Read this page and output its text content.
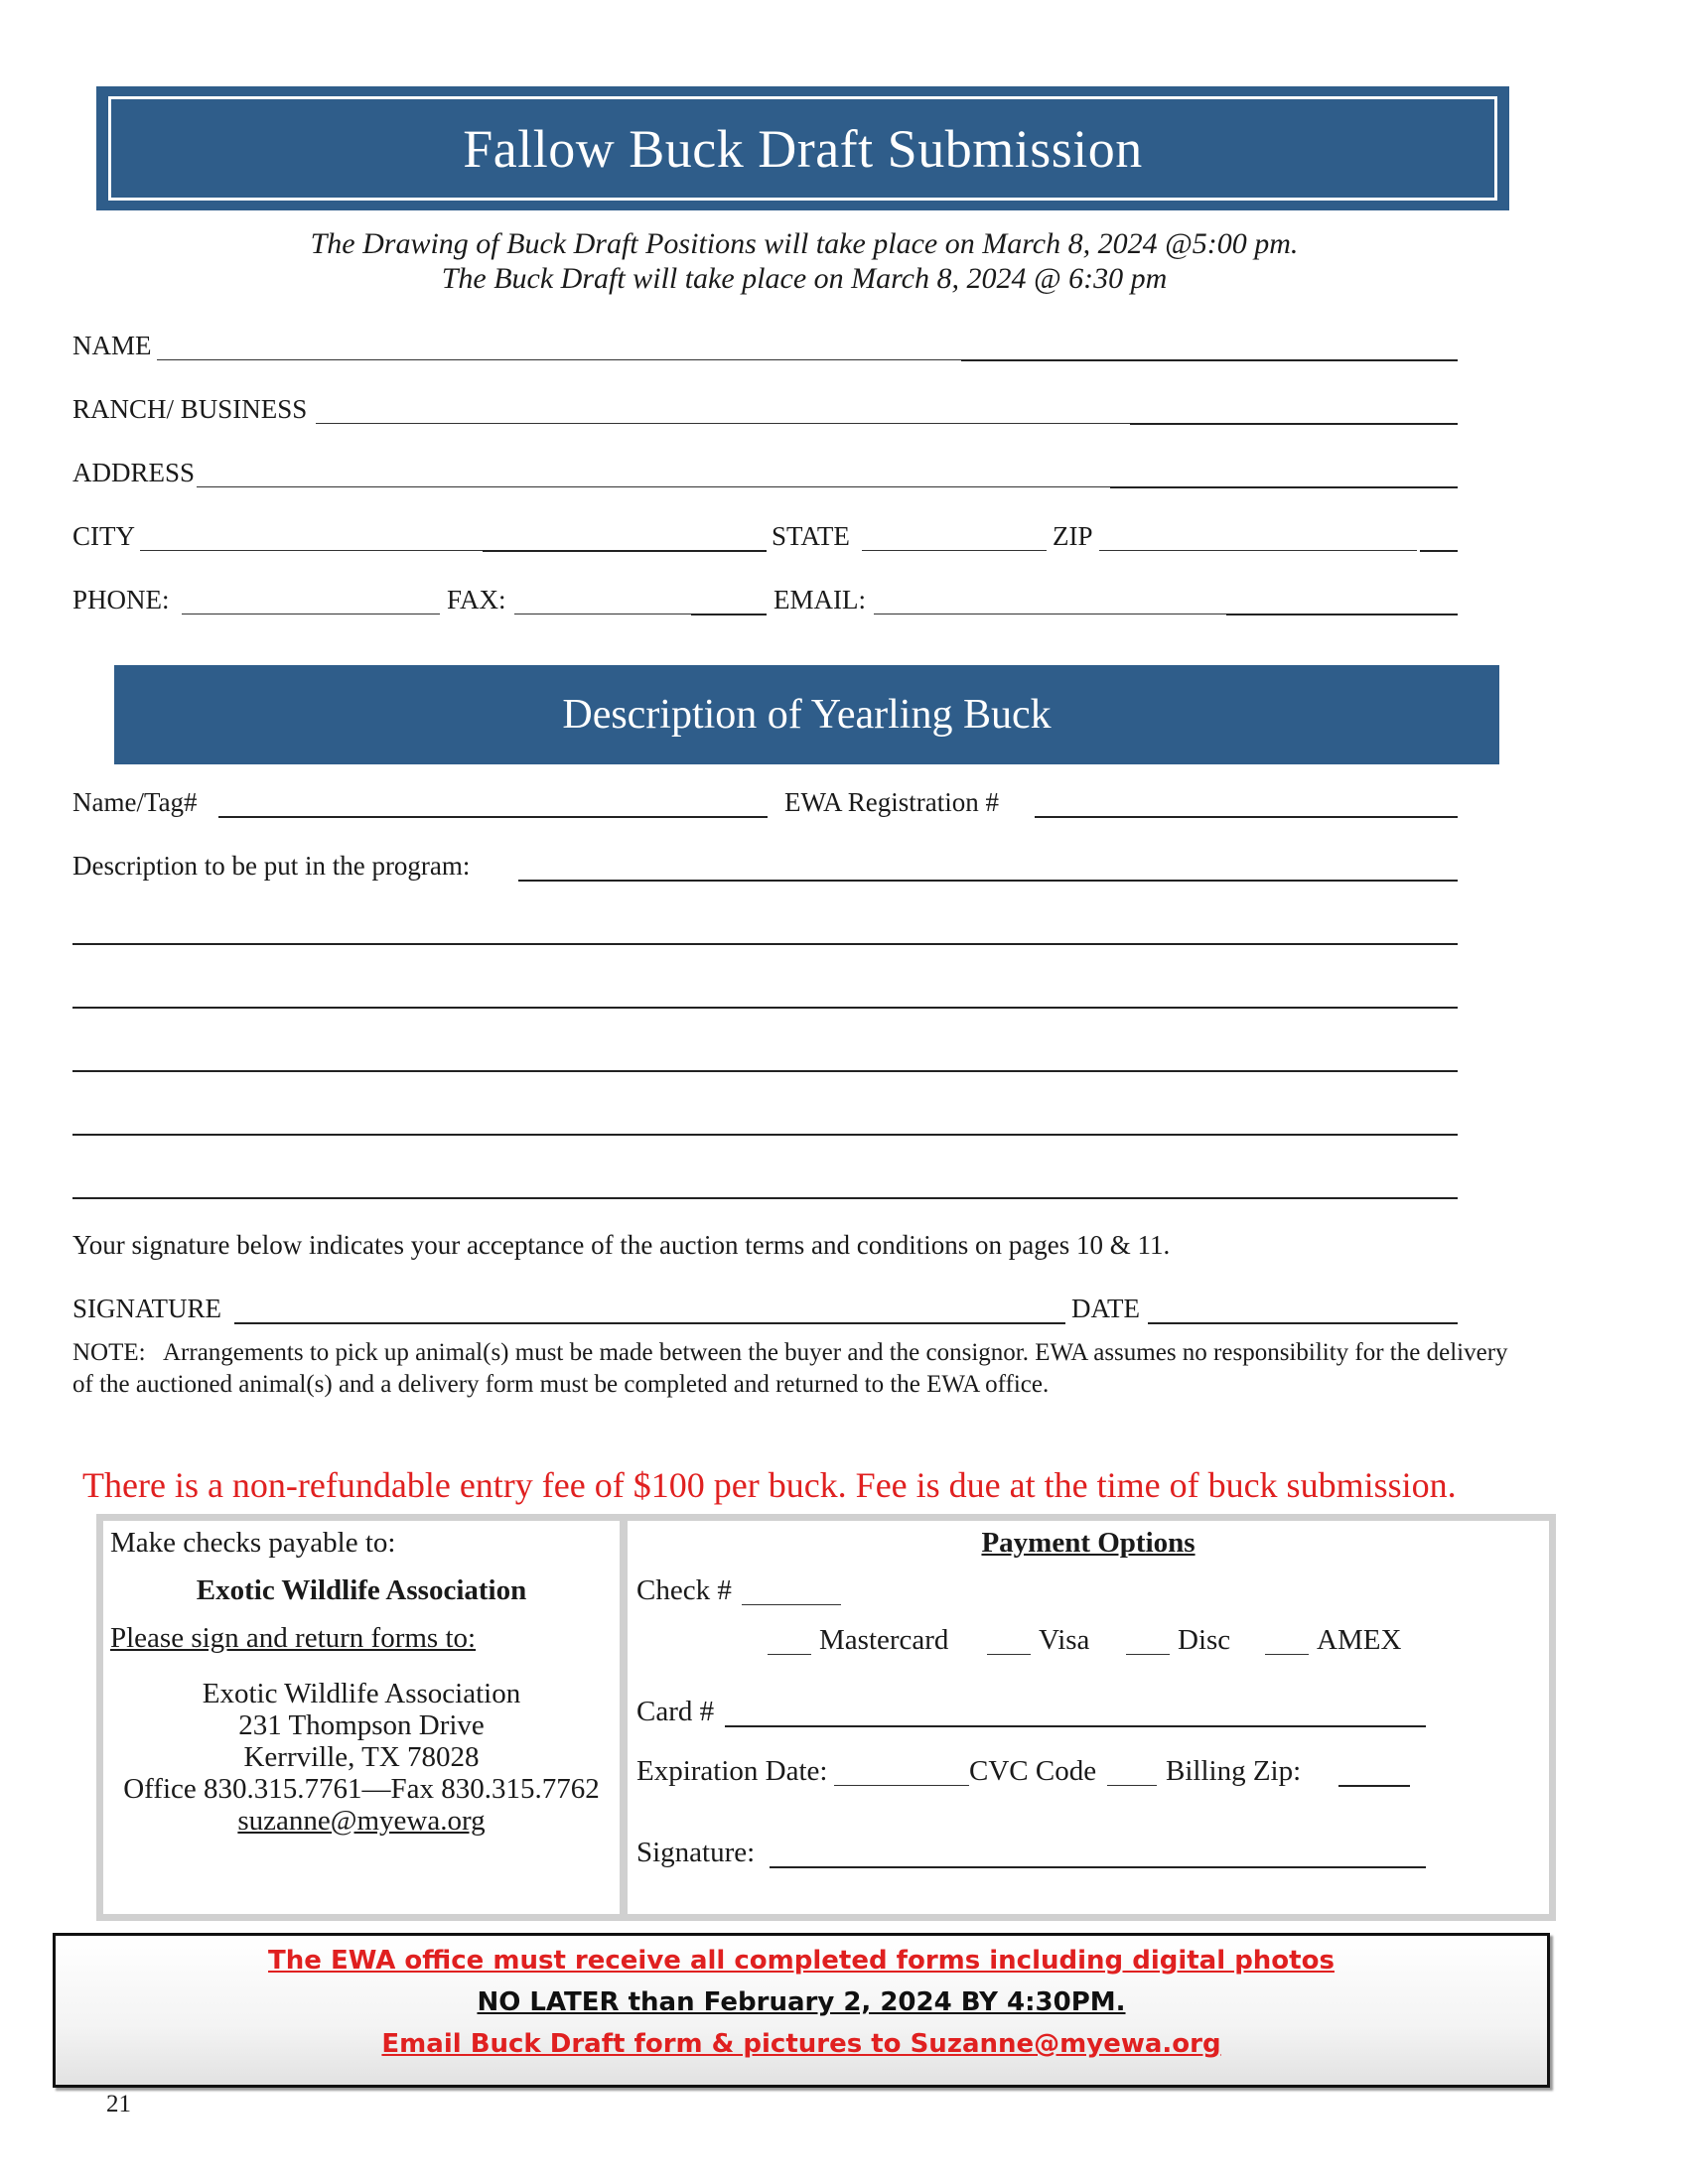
Fallow Buck Draft Submission
The Drawing of Buck Draft Positions will take place on March 8, 2024 @5:00 pm.
The Buck Draft will take place on March 8, 2024 @ 6:30 pm
NAME
RANCH/ BUSINESS
ADDRESS
CITY	STATE	ZIP
PHONE:	FAX:	EMAIL:
Description of Yearling Buck
Name/Tag#	EWA Registration #
Description to be put in the program:
Your signature below indicates your acceptance of the auction terms and conditions on pages 10 & 11.
SIGNATURE	DATE
NOTE: Arrangements to pick up animal(s) must be made between the buyer and the consignor. EWA assumes no responsibility for the delivery of the auctioned animal(s) and a delivery form must be completed and returned to the EWA office.
There is a non-refundable entry fee of $100 per buck. Fee is due at the time of buck submission.
Make checks payable to:
Exotic Wildlife Association
Please sign and return forms to:
Exotic Wildlife Association
231 Thompson Drive
Kerrville, TX 78028
Office 830.315.7761—Fax 830.315.7762
suzanne@myewa.org
Payment Options
Check #
Mastercard	Visa	Disc	AMEX
Card #
Expiration Date:	CVC Code Billing Zip:
Signature:
The EWA office must receive all completed forms including digital photos
NO LATER than February 2, 2024 BY 4:30PM.
Email Buck Draft form & pictures to Suzanne@myewa.org
21
